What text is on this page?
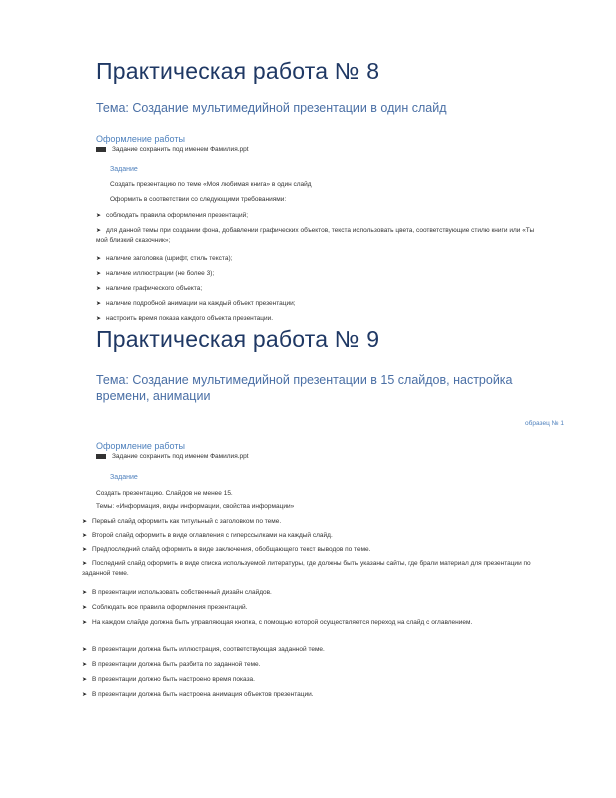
Практическая работа № 8
Тема: Создание мультимедийной презентации в один слайд
Оформление работы
Задание сохранить под именем Фамилия.ppt
Задание
Создать презентацию по теме «Моя любимая книга» в один слайд
Оформить в соответствии со следующими требованиями:
➤ соблюдать правила оформления презентаций;
➤ для данной темы при создании фона, добавлении графических объектов, текста использовать цвета, соответствующие стилю книги или «Ты мой близкий сказочник»;
➤ наличие заголовка (шрифт, стиль текста);
➤ наличие иллюстрации (не более 3);
➤ наличие графического объекта;
➤ наличие подробной анимации на каждый объект презентации;
➤ настроить время показа каждого объекта презентации.
Практическая работа № 9
Тема: Создание мультимедийной презентации в 15 слайдов, настройка времени, анимации
образец № 1
Оформление работы
Задание сохранить под именем Фамилия.ppt
Задание
Создать презентацию. Слайдов не менее 15.
Темы: «Информация, виды информации, свойства информации»
➤ Первый слайд оформить как титульный с заголовком по теме.
➤ Второй слайд оформить в виде оглавления с гиперссылками на каждый слайд.
➤ Предпоследний слайд оформить в виде заключения, обобщающего текст выводов по теме.
➤ Последний слайд оформить в виде списка используемой литературы, где должны быть указаны сайты, где брали материал для презентации по заданной теме.
➤ В презентации использовать собственный дизайн слайдов.
➤ Соблюдать все правила оформления презентаций.
➤ На каждом слайде должна быть управляющая кнопка, с помощью которой осуществляется переход на слайд с оглавлением.
➤ В презентации должна быть иллюстрация, соответствующая заданной теме.
➤ В презентации должна быть разбита по заданной теме.
➤ В презентации должно быть настроено время показа.
➤ В презентации должна быть настроена анимация объектов презентации.
